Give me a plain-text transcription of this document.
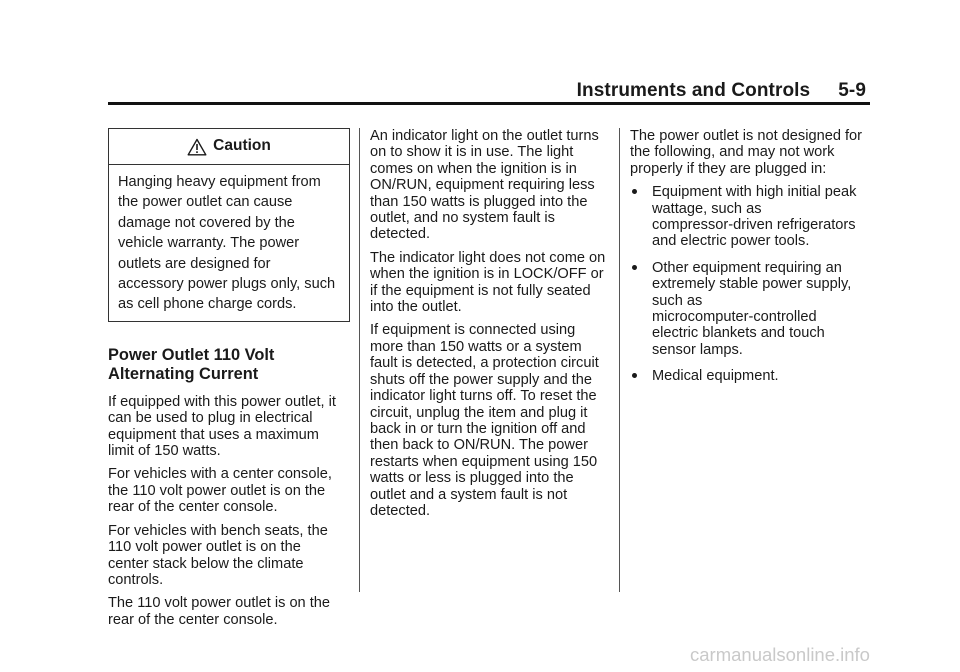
Instruments and Controls 5-9
Caution
Hanging heavy equipment from
the power outlet can cause
damage not covered by the
vehicle warranty. The power
outlets are designed for
accessory power plugs only, such
as cell phone charge cords.
Power Outlet 110 Volt
Alternating Current

If equipped with this power outlet, it
can be used to plug in electrical
equipment that uses a maximum
limit of 150 watts.

For vehicles with a center console,
the 110 volt power outlet is on the
rear of the center console.

For vehicles with bench seats, the
110 volt power outlet is on the
center stack below the climate
controls.

The 110 volt power outlet is on the
rear of the center console.

An indicator light on the outlet turns
on to show it is in use. The light
comes on when the ignition is in
ON/RUN, equipment requiring less
than 150 watts is plugged into the
outlet, and no system fault is
detected.

The indicator light does not come on
when the ignition is in LOCK/OFF or
if the equipment is not fully seated
into the outlet.

If equipment is connected using
more than 150 watts or a system
fault is detected, a protection circuit
shuts off the power supply and the
indicator light turns off. To reset the
circuit, unplug the item and plug it
back in or turn the ignition off and
then back to ON/RUN. The power
restarts when equipment using 150
watts or less is plugged into the
outlet and a system fault is not
detected.

The power outlet is not designed for
the following, and may not work
properly if they are plugged in:

Equipment with high initial peak
wattage, such as
compressor-driven refrigerators
and electric power tools.
Other equipment requiring an
extremely stable power supply,
such as
microcomputer-controlled
electric blankets and touch
sensor lamps.
Medical equipment.
carmanualsonline.info
